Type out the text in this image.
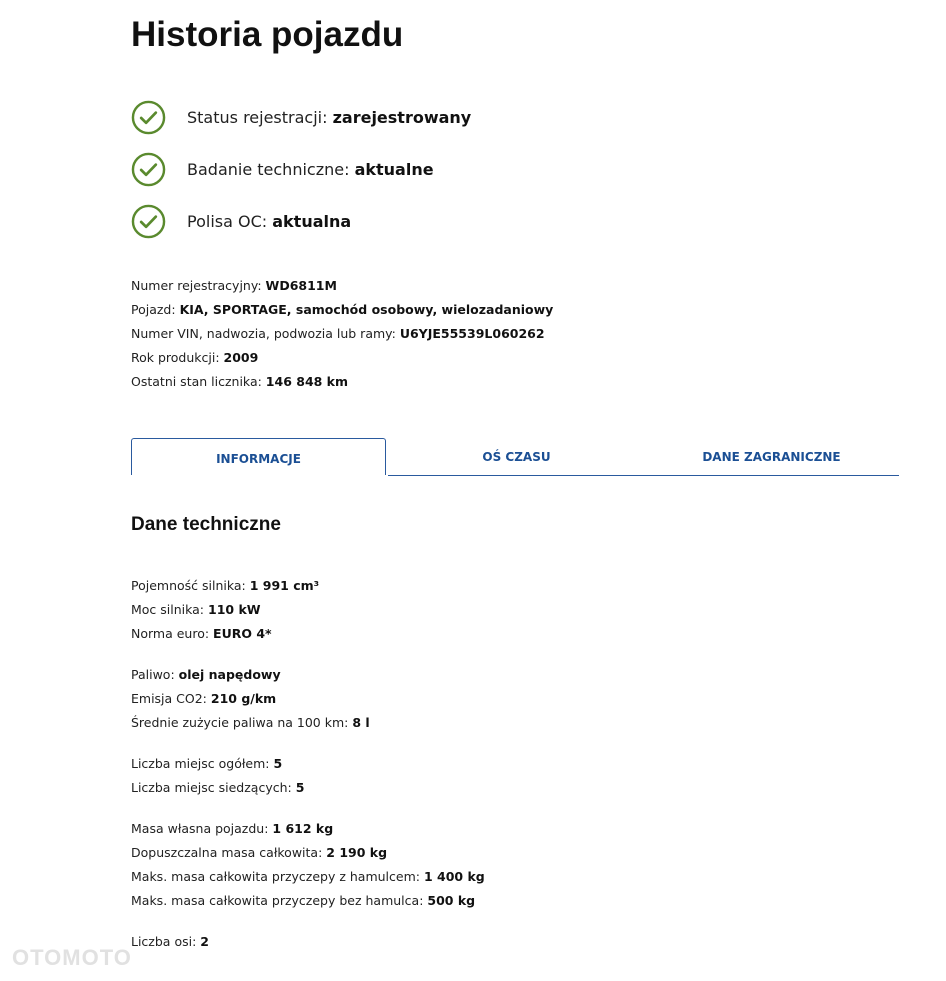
Historia pojazdu
Status rejestracji: zarejestrowany
Badanie techniczne: aktualne
Polisa OC: aktualna
Numer rejestracyjny: WD6811M
Pojazd: KIA, SPORTAGE, samochód osobowy, wielozadaniowy
Numer VIN, nadwozia, podwozia lub ramy: U6YJE55539L060262
Rok produkcji: 2009
Ostatni stan licznika: 146 848 km
INFORMACJE	OŚ CZASU	DANE ZAGRANICZNE
Dane techniczne
Pojemność silnika: 1 991 cm³
Moc silnika: 110 kW
Norma euro: EURO 4*
Paliwo: olej napędowy
Emisja CO2: 210 g/km
Średnie zużycie paliwa na 100 km: 8 l
Liczba miejsc ogółem: 5
Liczba miejsc siedzących: 5
Masa własna pojazdu: 1 612 kg
Dopuszczalna masa całkowita: 2 190 kg
Maks. masa całkowita przyczepy z hamulcem: 1 400 kg
Maks. masa całkowita przyczepy bez hamulca: 500 kg
Liczba osi: 2
OTOMOTO
